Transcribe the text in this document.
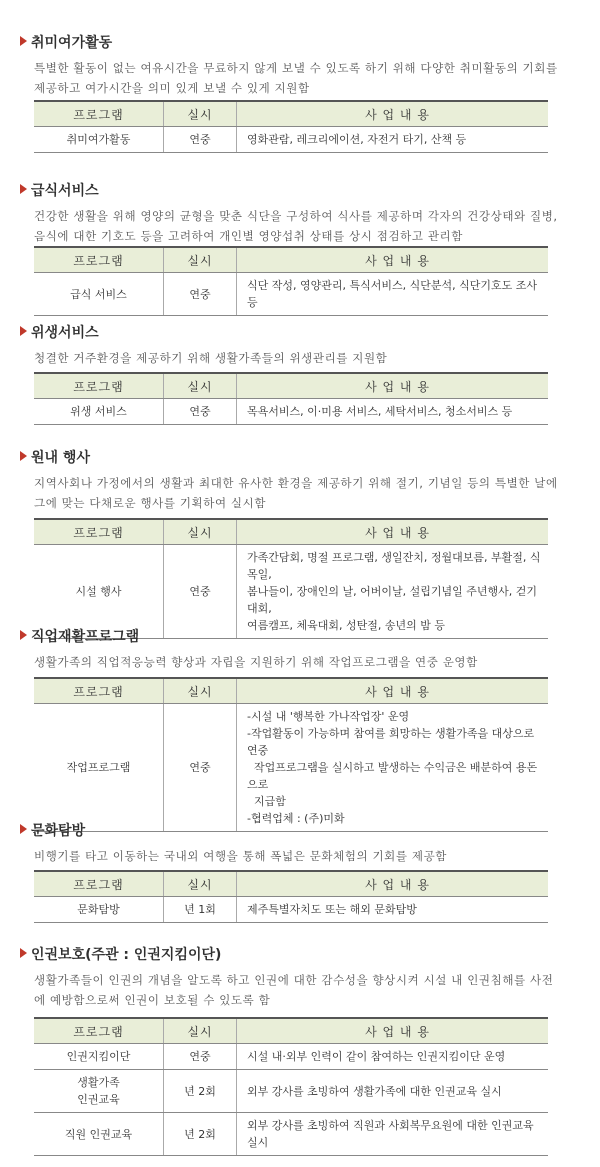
취미여가활동
특별한 활동이 없는 여유시간을 무료하지 않게 보낼 수 있도록 하기 위해 다양한 취미활동의 기회를 제공하고 여가시간을 의미 있게 보낼 수 있게 지원함
프로그램	실시	사 업 내 용

취미여가활동	연중	영화관람, 레크리에이션, 자전거 타기, 산책 등
급식서비스
건강한 생활을 위해 영양의 균형을 맞춘 식단을 구성하여 식사를 제공하며 각자의 건강상태와 질병, 음식에 대한 기호도 등을 고려하여 개인별 영양섭취 상태를 상시 점검하고 관리함
프로그램	실시	사 업 내 용

급식 서비스	연중	식단 작성, 영양관리, 특식서비스, 식단분석, 식단기호도 조사 등
위생서비스
청결한 거주환경을 제공하기 위해 생활가족들의 위생관리를 지원함
프로그램	실시	사 업 내 용

위생 서비스	연중	목욕서비스, 이·미용 서비스, 세탁서비스, 청소서비스 등
원내 행사
지역사회나 가정에서의 생활과 최대한 유사한 환경을 제공하기 위해 절기, 기념일 등의 특별한 날에 그에 맞는 다채로운 행사를 기획하여 실시함
프로그램	실시	사 업 내 용

시설 행사	연중	가족간담회, 명절 프로그램, 생일잔치, 정월대보름, 부활절, 식목일,
봄나들이, 장애인의 날, 어버이날, 설립기념일 주년행사, 걷기대회,
여름캠프, 체육대회, 성탄절, 송년의 밤 등
직업재활프로그램
생활가족의 직업적응능력 향상과 자립을 지원하기 위해 작업프로그램을 연중 운영함
프로그램	실시	사 업 내 용

작업프로그램	연중	-시설 내 '행복한 가나작업장' 운영
-작업활동이 가능하며 참여를 희망하는 생활가족을 대상으로 연중
작업프로그램을 실시하고 발생하는 수익금은 배분하여 용돈으로
지급함
-협력업체 : (주)미화
문화탐방
비행기를 타고 이동하는 국내외 여행을 통해 폭넓은 문화체험의 기회를 제공함
프로그램	실시	사 업 내 용

문화탐방	년 1회	제주특별자치도 또는 해외 문화탐방
인권보호(주관 : 인권지킴이단)
생활가족들이 인권의 개념을 알도록 하고 인권에 대한 감수성을 향상시켜 시설 내 인권침해를 사전에 예방함으로써 인권이 보호될 수 있도록 함
프로그램	실시	사 업 내 용

인권지킴이단	연중	시설 내·외부 인력이 같이 참여하는 인권지킴이단 운영

생활가족
인권교육	년 2회	외부 강사를 초빙하여 생활가족에 대한 인권교육 실시

직원 인권교육	년 2회	외부 강사를 초빙하여 직원과 사회복무요원에 대한 인권교육 실시
